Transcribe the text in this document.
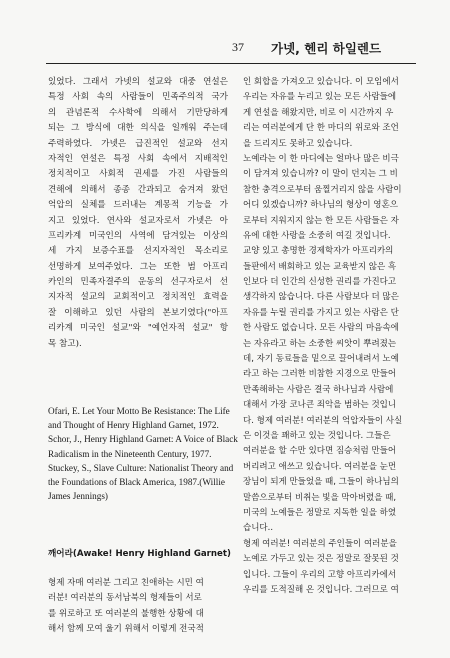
37 가넷, 헨리 하일렌드
있었다. 그래서 가넷의 설교와 대중 연설은
특정 사회 속의 사람들이 민족주의적 국가
의 관념론적 수사학에 의해서 기만당하게
되는 그 방식에 대한 의식을 일깨워 주는데
주력하였다. 가넷은 급진적인 설교와 선지
자적인 연설은 특정 사회 속에서 지배적인
정치적이고 사회적 권세를 가진 사람들의
견해에 의해서 종종 간과되고 숨겨져 왔던
억압의 실체를 드러내는 계몽적 기능을 가
지고 있었다. 연사와 설교자로서 가넷은 아
프리카계 미국인의 사역에 담겨있는 이상의
세 가지 보증수표를 선지자적인 목소리로
선명하게 보여주었다. 그는 또한 범 아프리
카인의 민족자결주의 운동의 선구자로서 선
지자적 설교의 교회적이고 정치적인 효력을
잘 이해하고 있던 사람의 본보기였다("아프
리카계 미국인 설교"와 "예언자적 설교" 항
목 참고).
Ofari, E. Let Your Motto Be Resistance: The Life
and Thought of Henry Highland Garnet, 1972.
Schor, J., Henry Highland Garnet: A Voice of Black
Radicalism in the Nineteenth Century, 1977.
Stuckey, S., Slave Culture: Nationalist Theory and
the Foundations of Black America, 1987.(Willie
James Jennings)
깨어라(Awake! Henry Highland Garnet)
형제 자매 여러분 그리고 친애하는 시민 여
러분! 여러분의 동서남북의 형제들이 서로
를 위로하고 또 여러분의 불행한 상황에 대
해서 함께 모여 울기 위해서 이렇게 전국적
인 회합을 가져오고 있습니다. 이 모임에서
우리는 자유를 누리고 있는 모든 사람들에
게 연설을 해왔지만, 비로 이 시간까지 우
리는 여러분에게 단 한 마디의 위로와 조언
을 드리지도 못하고 있습니다.
노예라는 이 한 마디에는 얼마나 많은 비극
이 담겨져 있습니까? 이 말이 던지는 그 비
참한 충격으로부터 움찔거리지 않을 사람이
어디 있겠습니까? 하나님의 형상이 영혼으
로부터 지워지지 않는 한 모든 사람들은 자
유에 대한 사랑을 소중히 여길 것입니다.
교양 있고 총명한 경제학자가 아프리카의
들판에서 배회하고 있는 교육받지 않은 흑
인보다 더 인간의 신성한 권리를 가진다고
생각하지 않습니다. 다른 사람보다 더 많은
자유를 누릴 권리를 가지고 있는 사람은 단
한 사람도 없습니다. 모든 사람의 마음속에
는 자유라고 하는 소중한 씨앗이 뿌려졌는
데, 자기 동료들을 밑으로 끌어내려서 노예
라고 하는 그러한 비참한 지경으로 만들어
만족해하는 사람은 결국 하나님과 사람에
대해서 가장 코나큰 죄악을 범하는 것입니
다. 형제 여러분! 여러분의 억압자들이 사실
은 이것을 꽤하고 있는 것입니다. 그들은
여러분을 할 수만 있다면 짐승처럼 만들어
버리려고 애쓰고 있습니다. 여러분을 눈먼
장님이 되게 만들었을 때, 그들이 하나님의
말씀으로부터 비취는 빛을 막아버렸을 때,
미국의 노예들은 정말로 지독한 일을 하였
습니다..
형제 여러분! 여러분의 주인들이 여러분을
노예로 가두고 있는 것은 정말로 잘못된 것
입니다. 그들이 우리의 고향 아프리카에서
우리를 도적질해 온 것입니다. 그러므로 여
